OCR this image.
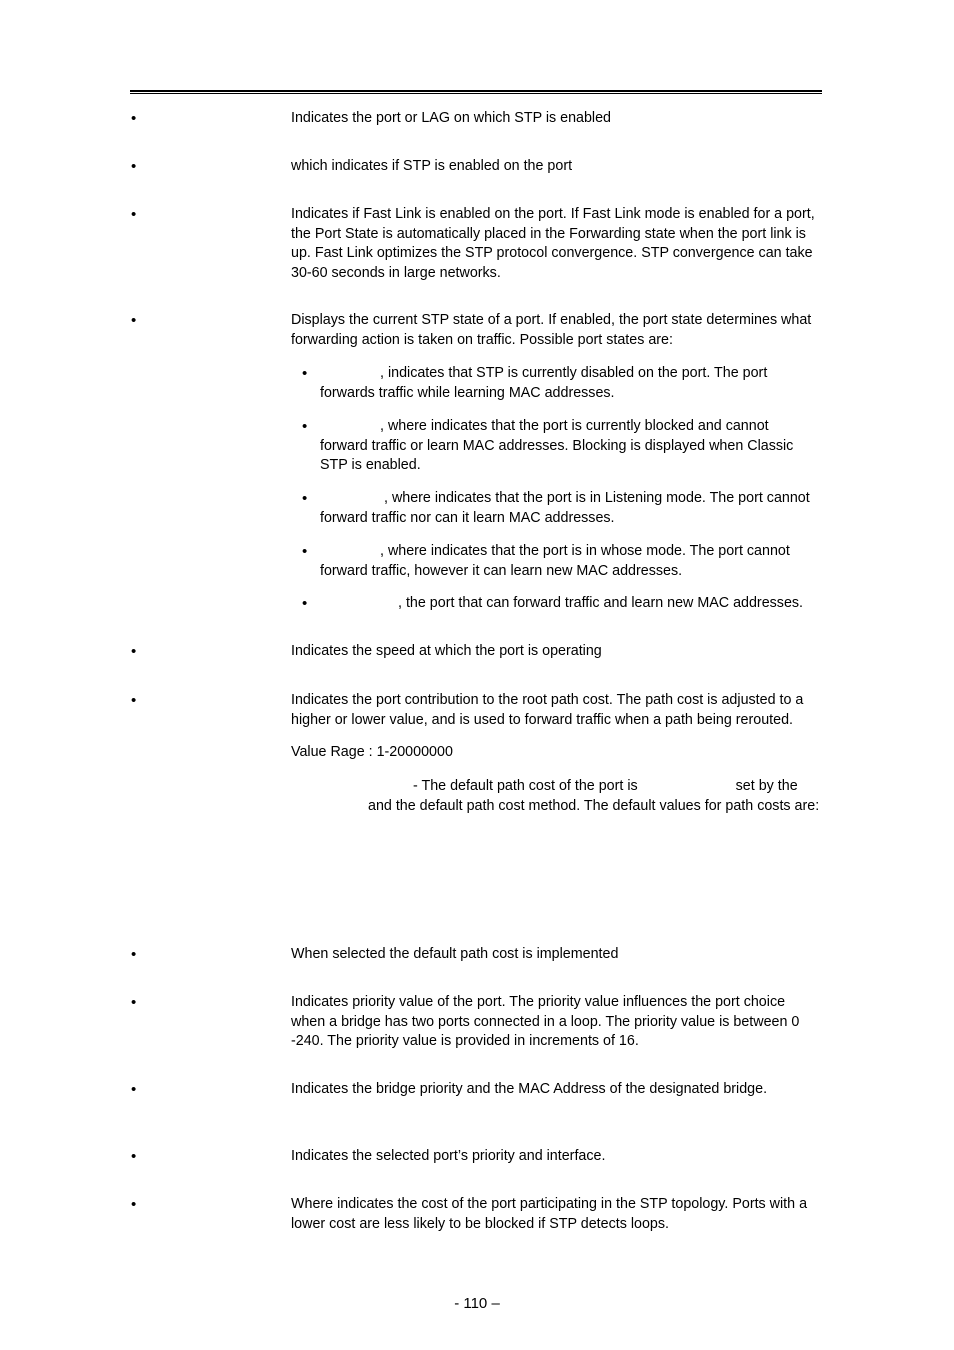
•	Indicates the port or LAG on which STP is enabled
•	which indicates if STP is enabled on the port
•	Indicates if Fast Link is enabled on the port. If Fast Link mode is enabled for a port, the Port State is automatically placed in the Forwarding state when the port link is up. Fast Link optimizes the STP protocol convergence. STP convergence can take 30-60 seconds in large networks.
•	Displays the current STP state of a port. If enabled, the port state determines what forwarding action is taken on traffic. Possible port states are:
•	, indicates that STP is currently disabled on the port. The port forwards traffic while learning MAC addresses.
•	, where indicates that the port is currently blocked and cannot forward traffic or learn MAC addresses. Blocking is displayed when Classic STP is enabled.
•	, where indicates that the port is in Listening mode. The port cannot forward traffic nor can it learn MAC addresses.
•	, where indicates that the port is in whose mode. The port cannot forward traffic, however it can learn new MAC addresses.
•	, the port that can forward traffic and learn new MAC addresses.
•	Indicates the speed at which the port is operating
•	Indicates the port contribution to the root path cost. The path cost is adjusted to a higher or lower value, and is used to forward traffic when a path being rerouted.
Value Rage : 1-20000000
- The default path cost of the port is	set by the
and the default path cost method. The default values for path costs are:
•	When selected the default path cost is implemented
•	Indicates priority value of the port. The priority value influences the port choice when a bridge has two ports connected in a loop. The priority value is between 0 -240. The priority value is provided in increments of 16.
•	Indicates the bridge priority and the MAC Address of the designated bridge.
•	Indicates the selected port’s priority and interface.
•	Where indicates the cost of the port participating in the STP topology. Ports with a lower cost are less likely to be blocked if STP detects loops.
- 110 –
